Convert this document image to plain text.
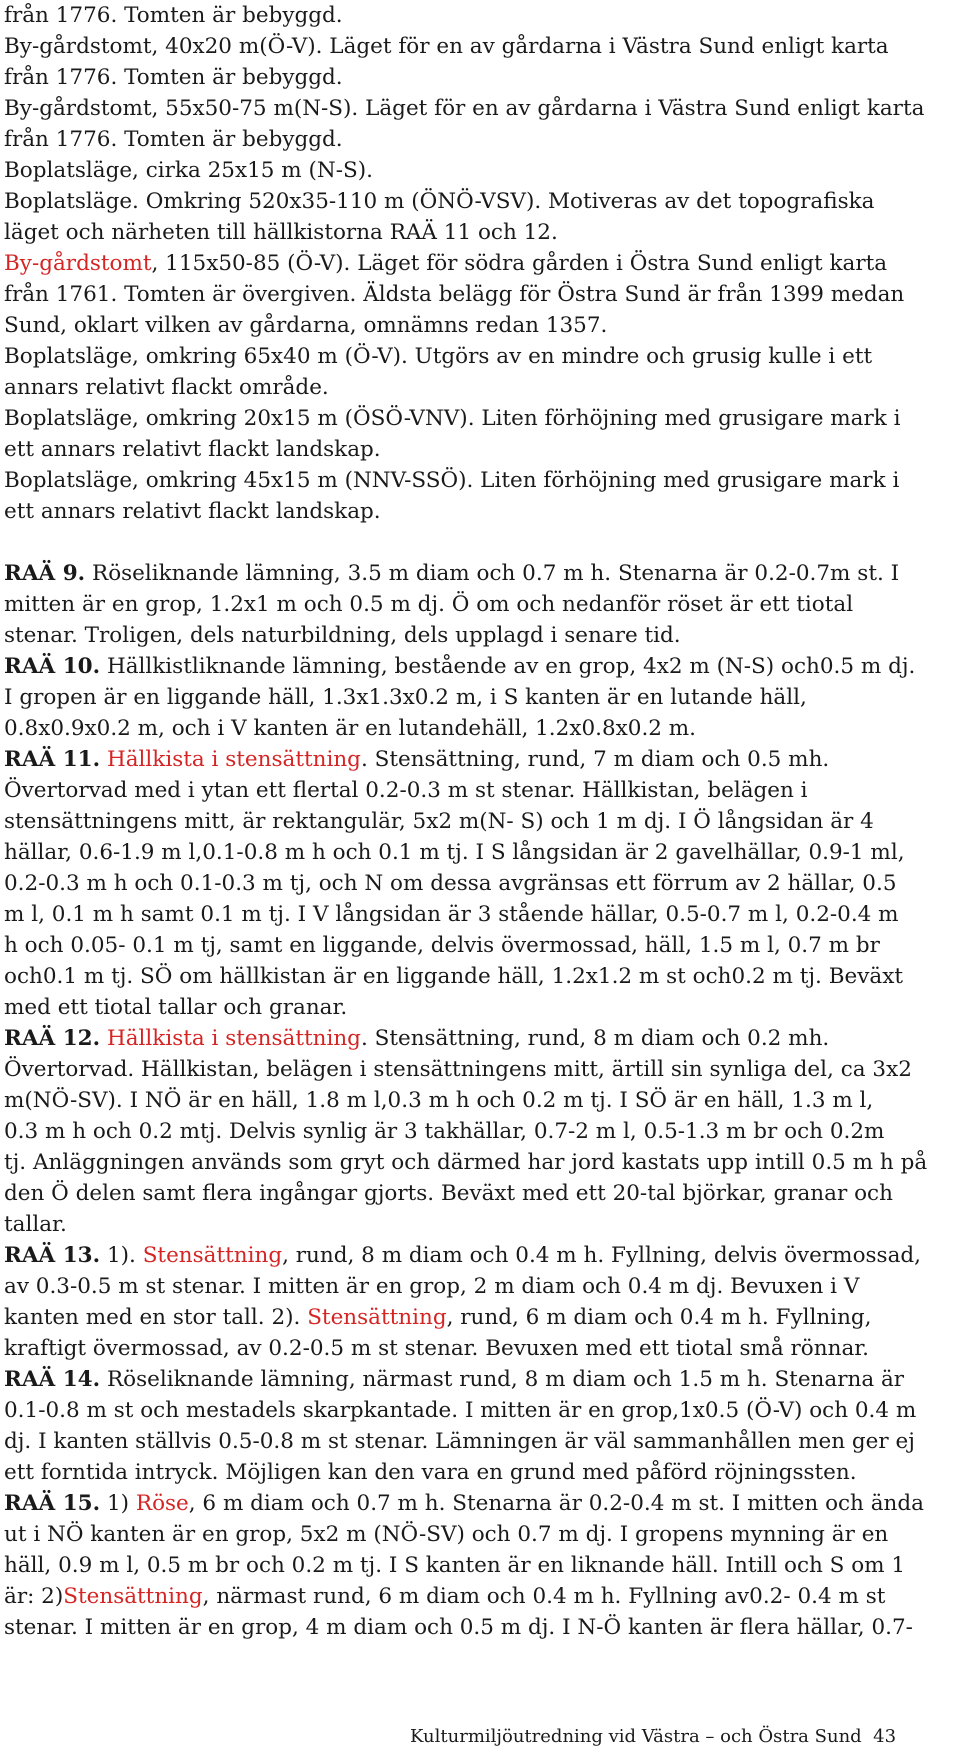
från 1776. Tomten är bebyggd.
By-gårdstomt, 40x20 m(Ö-V). Läget för en av gårdarna i Västra Sund enligt karta
från 1776. Tomten är bebyggd.
By-gårdstomt, 55x50-75 m(N-S). Läget för en av gårdarna i Västra Sund enligt karta
från 1776. Tomten är bebyggd.
Boplatsläge, cirka 25x15 m (N-S).
Boplatsläge. Omkring 520x35-110 m (ÖNÖ-VSV). Motiveras av det topografiska
läget och närheten till hällkistorna RAÄ 11 och 12.
By-gårdstomt, 115x50-85 (Ö-V). Läget för södra gården i Östra Sund enligt karta
från 1761. Tomten är övergiven. Äldsta belägg för Östra Sund är från 1399 medan
Sund, oklart vilken av gårdarna, omnämns redan 1357.
Boplatsläge, omkring 65x40 m (Ö-V). Utgörs av en mindre och grusig kulle i ett
annars relativt flackt område.
Boplatsläge, omkring 20x15 m (ÖSÖ-VNV). Liten förhöjning med grusigare mark i
ett annars relativt flackt landskap.
Boplatsläge, omkring 45x15 m (NNV-SSÖ). Liten förhöjning med grusigare mark i
ett annars relativt flackt landskap.
RAÄ 9. Röseliknande lämning, 3.5 m diam och 0.7 m h. Stenarna är 0.2-0.7m st. I
mitten är en grop, 1.2x1 m och 0.5 m dj. Ö om och nedanför röset är ett tiotal
stenar. Troligen, dels naturbildning, dels upplagd i senare tid.
RAÄ 10. Hällkistliknande lämning, bestående av en grop, 4x2 m (N-S) och0.5 m dj.
I gropen är en liggande häll, 1.3x1.3x0.2 m, i S kanten är en lutande häll,
0.8x0.9x0.2 m, och i V kanten är en lutandehäll, 1.2x0.8x0.2 m.
RAÄ 11. Hällkista i stensättning. Stensättning, rund, 7 m diam och 0.5 mh.
Övertorvad med i ytan ett flertal 0.2-0.3 m st stenar. Hällkistan, belägen i
stensättningens mitt, är rektangulär, 5x2 m(N- S) och 1 m dj. I Ö långsidan är 4
hällar, 0.6-1.9 m l,0.1-0.8 m h och 0.1 m tj. I S långsidan är 2 gavelhällar, 0.9-1 ml,
0.2-0.3 m h och 0.1-0.3 m tj, och N om dessa avgränsas ett förrum av 2 hällar, 0.5
m l, 0.1 m h samt 0.1 m tj. I V långsidan är 3 stående hällar, 0.5-0.7 m l, 0.2-0.4 m
h och 0.05- 0.1 m tj, samt en liggande, delvis övermossad, häll, 1.5 m l, 0.7 m br
och0.1 m tj. SÖ om hällkistan är en liggande häll, 1.2x1.2 m st och0.2 m tj. Beväxt
med ett tiotal tallar och granar.
RAÄ 12. Hällkista i stensättning. Stensättning, rund, 8 m diam och 0.2 mh.
Övertorvad. Hällkistan, belägen i stensättningens mitt, ärtill sin synliga del, ca 3x2
m(NÖ-SV). I NÖ är en häll, 1.8 m l,0.3 m h och 0.2 m tj. I SÖ är en häll, 1.3 m l,
0.3 m h och 0.2 mtj. Delvis synlig är 3 takhällar, 0.7-2 m l, 0.5-1.3 m br och 0.2m
tj. Anläggningen används som gryt och därmed har jord kastats upp intill 0.5 m h på
den Ö delen samt flera ingångar gjorts. Beväxt med ett 20-tal björkar, granar och
tallar.
RAÄ 13. 1). Stensättning, rund, 8 m diam och 0.4 m h. Fyllning, delvis övermossad,
av 0.3-0.5 m st stenar. I mitten är en grop, 2 m diam och 0.4 m dj. Bevuxen i V
kanten med en stor tall. 2). Stensättning, rund, 6 m diam och 0.4 m h. Fyllning,
kraftigt övermossad, av 0.2-0.5 m st stenar. Bevuxen med ett tiotal små rönnar.
RAÄ 14. Röseliknande lämning, närmast rund, 8 m diam och 1.5 m h. Stenarna är
0.1-0.8 m st och mestadels skarpkantade. I mitten är en grop,1x0.5 (Ö-V) och 0.4 m
dj. I kanten ställvis 0.5-0.8 m st stenar. Lämningen är väl sammanhållen men ger ej
ett forntida intryck. Möjligen kan den vara en grund med påförd röjningssten.
RAÄ 15. 1) Röse, 6 m diam och 0.7 m h. Stenarna är 0.2-0.4 m st. I mitten och ända
ut i NÖ kanten är en grop, 5x2 m (NÖ-SV) och 0.7 m dj. I gropens mynning är en
häll, 0.9 m l, 0.5 m br och 0.2 m tj. I S kanten är en liknande häll. Intill och S om 1
är: 2)Stensättning, närmast rund, 6 m diam och 0.4 m h. Fyllning av0.2- 0.4 m st
stenar. I mitten är en grop, 4 m diam och 0.5 m dj. I N-Ö kanten är flera hällar, 0.7-
Kulturmiljöutredning vid Västra – och Östra Sund 43
